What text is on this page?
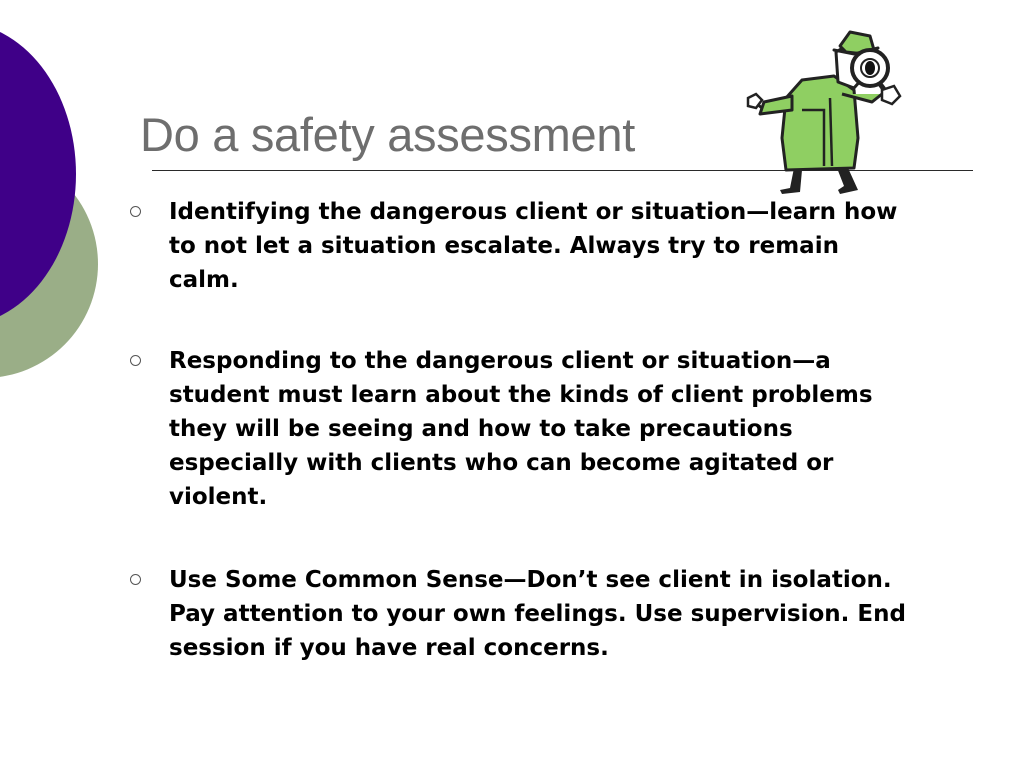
Do a safety assessment
Identifying the dangerous client or situation—learn how to not let a situation escalate. Always try to remain calm.
Responding to the dangerous client or situation—a student must learn about the kinds of client problems they will be seeing and how to take precautions especially with clients who can become agitated or violent.
Use Some Common Sense—Don’t see client in isolation. Pay attention to your own feelings. Use supervision. End session if you have real concerns.
